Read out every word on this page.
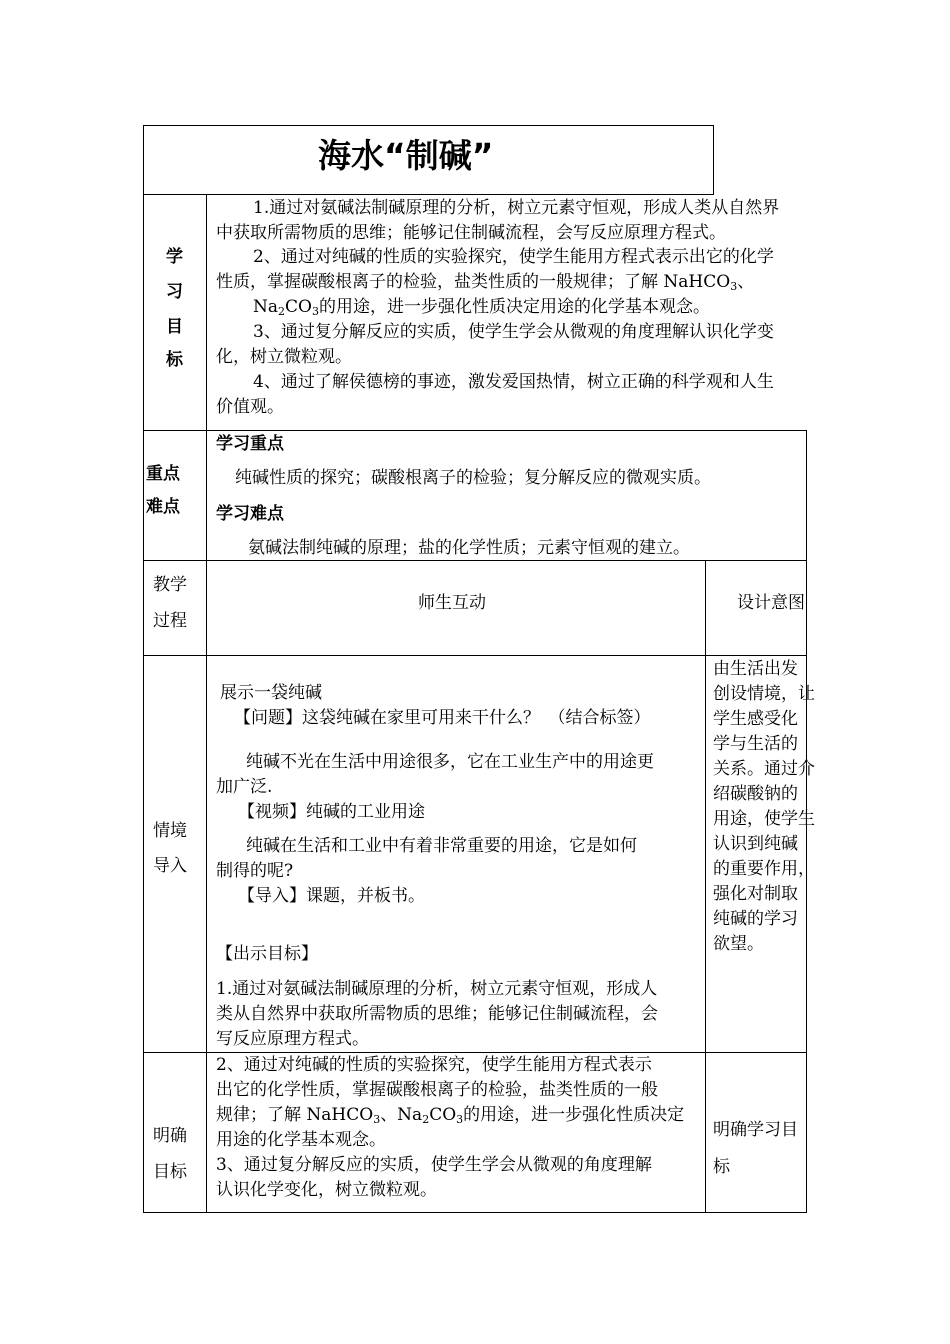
海水“制碱”
学
习
目
标
1.通过对氨碱法制碱原理的分析，树立元素守恒观，形成人类从自然界
中获取所需物质的思维；能够记住制碱流程，会写反应原理方程式。
2、通过对纯碱的性质的实验探究，使学生能用方程式表示出它的化学
性质，掌握碳酸根离子的检验，盐类性质的一般规律；了解 NaHCO$_3$、
$Na_2CO_3$的用途，进一步强化性质决定用途的化学基本观念。
3、通过复分解反应的实质，使学生学会从微观的角度理解认识化学变
化，树立微粒观。
4、通过了解侯德榜的事迹，激发爱国热情，树立正确的科学观和人生
价值观。
重点
难点
学习重点
纯碱性质的探究；碳酸根离子的检验；复分解反应的微观实质。
学习难点
氨碱法制纯碱的原理；盐的化学性质；元素守恒观的建立。
教学
过程
师生互动	设计意图
情境
导入
展示一袋纯碱
【问题】这袋纯碱在家里可用来干什么？　（结合标签）
纯碱不光在生活中用途很多，它在工业生产中的用途更
加广泛.
【视频】纯碱的工业用途
纯碱在生活和工业中有着非常重要的用途，它是如何
制得的呢?
【导入】课题，并板书。
【出示目标】
1.通过对氨碱法制碱原理的分析，树立元素守恒观，形成人
类从自然界中获取所需物质的思维；能够记住制碱流程，会
写反应原理方程式。
由生活出发
创设情境，让
学生感受化
学与生活的
关系。通过介
绍碳酸钠的
用途，使学生
认识到纯碱
的重要作用，
强化对制取
纯碱的学习
欲望。
明确
目标
2、通过对纯碱的性质的实验探究，使学生能用方程式表示
出它的化学性质，掌握碳酸根离子的检验，盐类性质的一般
规律；了解 NaHCO$_3$、$Na_2CO_3$的用途，进一步强化性质决定
用途的化学基本观念。
3、通过复分解反应的实质，使学生学会从微观的角度理解
认识化学变化，树立微粒观。
明确学习目
标
